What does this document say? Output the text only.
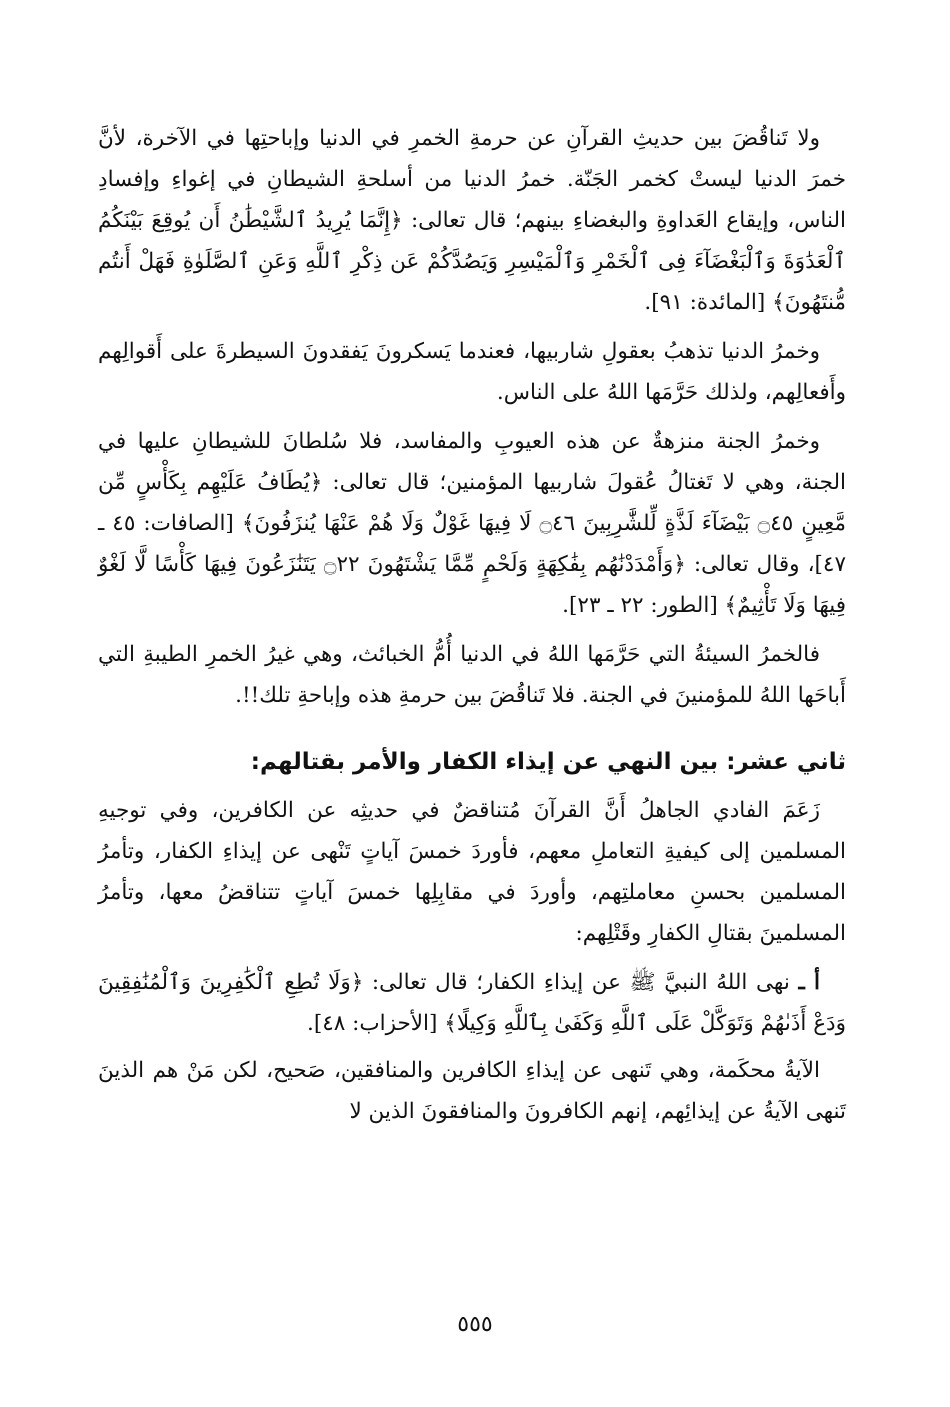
ولا تَناقُضَ بين حديثِ القرآنِ عن حرمةِ الخمرِ في الدنيا وإباحتِها في الآخرة، لأنَّ خمرَ الدنيا ليستْ كخمر الجَنّة. خمرُ الدنيا من أسلحةِ الشيطانِ في إغواءِ وإفسادِ الناس، وإيقاع العَداوةِ والبغضاءِ بينهم؛ قال تعالى: ﴿إِنَّمَا يُرِيدُ ٱلشَّيْطَٰنُ أَن يُوقِعَ بَيْنَكُمُ ٱلْعَدَٰوَةَ وَٱلْبَغْضَآءَ فِى ٱلْخَمْرِ وَٱلْمَيْسِرِ وَيَصُدَّكُمْ عَن ذِكْرِ ٱللَّهِ وَعَنِ ٱلصَّلَوٰةِ فَهَلْ أَنتُم مُّنتَهُونَ﴾ [المائدة: ٩١].

وخمرُ الدنيا تذهبُ بعقولِ شاربيها، فعندما يَسكرونَ يَفقدونَ السيطرةَ على أَقوالِهم وأَفعالِهم، ولذلك حَرَّمَها اللهُ على الناس.

وخمرُ الجنة منزهةٌ عن هذه العيوبِ والمفاسد، فلا سُلطانَ للشيطانِ عليها في الجنة، وهي لا تَغتالُ عُقولَ شاربيها المؤمنين؛ قال تعالى: ﴿يُطَافُ عَلَيْهِم بِكَأْسٍ مِّن مَّعِينٍ ۝٤٥ بَيْضَآءَ لَذَّةٍ لِّلشَّٰرِبِينَ ۝٤٦ لَا فِيهَا غَوْلٌ وَلَا هُمْ عَنْهَا يُنزَفُونَ﴾ [الصافات: ٤٥ ـ ٤٧]، وقال تعالى: ﴿وَأَمْدَدْنَٰهُم بِفَٰكِهَةٍ وَلَحْمٍ مِّمَّا يَشْتَهُونَ ۝٢٢ يَتَنَٰزَعُونَ فِيهَا كَأْسًا لَّا لَغْوٌ فِيهَا وَلَا تَأْثِيمٌ﴾ [الطور: ٢٢ ـ ٢٣].

فالخمرُ السيئةُ التي حَرَّمَها اللهُ في الدنيا أُمُّ الخبائث، وهي غيرُ الخمرِ الطيبةِ التي أَباحَها اللهُ للمؤمنينَ في الجنة. فلا تَناقُضَ بين حرمةِ هذه وإباحةِ تلك!!.

ثاني عشر: بين النهي عن إيذاء الكفار والأمر بقتالهم:

زَعَمَ الفادي الجاهلُ أَنَّ القرآنَ مُتناقضٌ في حديثِه عن الكافرين، وفي توجيهِ المسلمين إلى كيفيةِ التعاملِ معهم، فأوردَ خمسَ آياتٍ تَنْهى عن إيذاءِ الكفار، وتأمرُ المسلمين بحسنِ معاملتِهم، وأوردَ في مقابِلِها خمسَ آياتٍ تتناقضُ معها، وتأمرُ المسلمينَ بقتالِ الكفارِ وقَتْلِهم:

أ ـ نهى اللهُ النبيَّ ﷺ عن إيذاءِ الكفار؛ قال تعالى: ﴿وَلَا تُطِعِ ٱلْكَٰفِرِينَ وَٱلْمُنَٰفِقِينَ وَدَعْ أَذَىٰهُمْ وَتَوَكَّلْ عَلَى ٱللَّهِ وَكَفَىٰ بِٱللَّهِ وَكِيلًا﴾ [الأحزاب: ٤٨].

الآيةُ محكَمة، وهي تَنهى عن إيذاءِ الكافرين والمنافقين، صَحيح، لكن مَنْ هم الذينَ تَنهى الآيةُ عن إيذائِهم، إنهم الكافرونَ والمنافقونَ الذين لا

٥٥٥
